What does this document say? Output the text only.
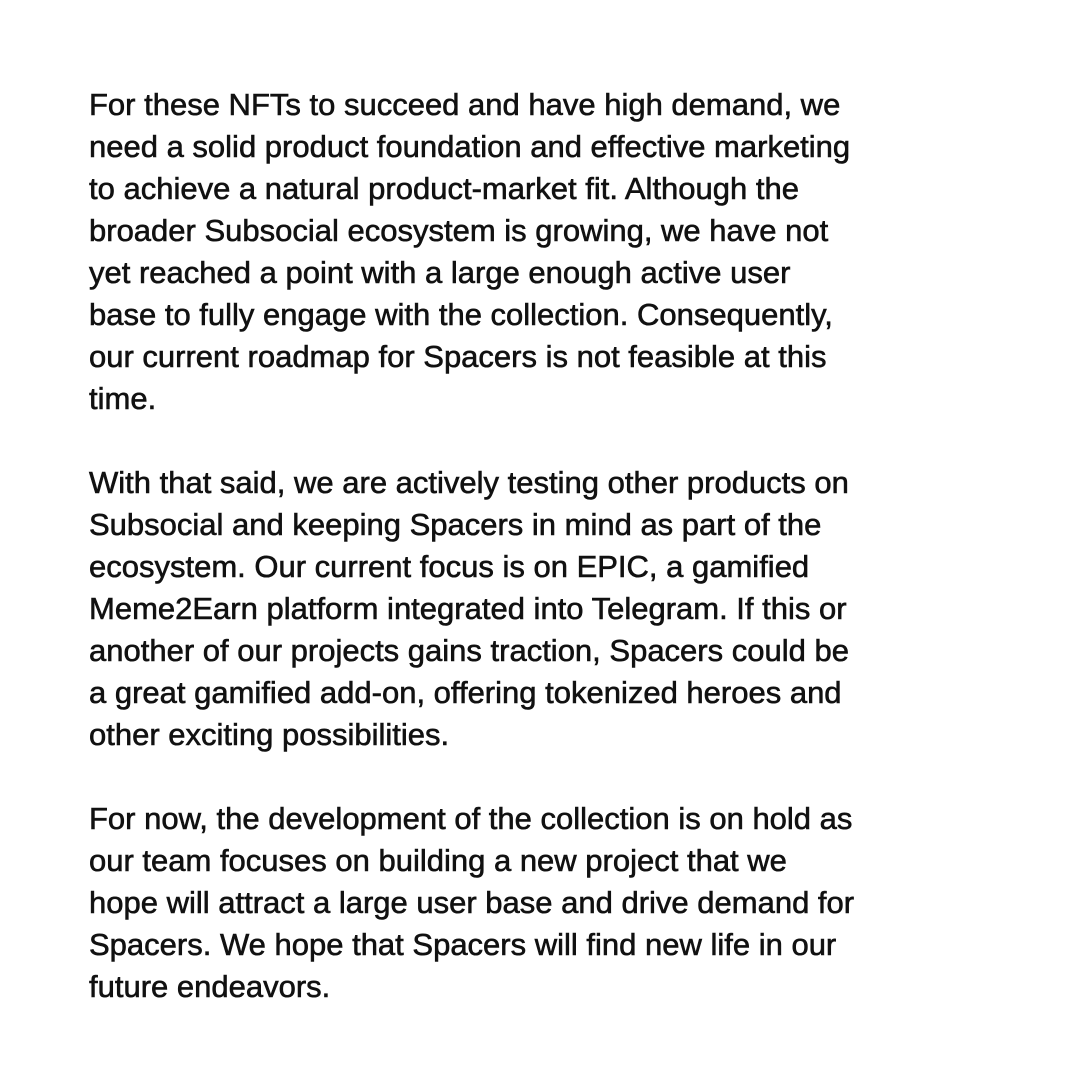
For these NFTs to succeed and have high demand, we
need a solid product foundation and effective marketing
to achieve a natural product-market fit. Although the
broader Subsocial ecosystem is growing, we have not
yet reached a point with a large enough active user
base to fully engage with the collection. Consequently,
our current roadmap for Spacers is not feasible at this
time.

With that said, we are actively testing other products on
Subsocial and keeping Spacers in mind as part of the
ecosystem. Our current focus is on EPIC, a gamified
Meme2Earn platform integrated into Telegram. If this or
another of our projects gains traction, Spacers could be
a great gamified add-on, offering tokenized heroes and
other exciting possibilities.

For now, the development of the collection is on hold as
our team focuses on building a new project that we
hope will attract a large user base and drive demand for
Spacers. We hope that Spacers will find new life in our
future endeavors.
